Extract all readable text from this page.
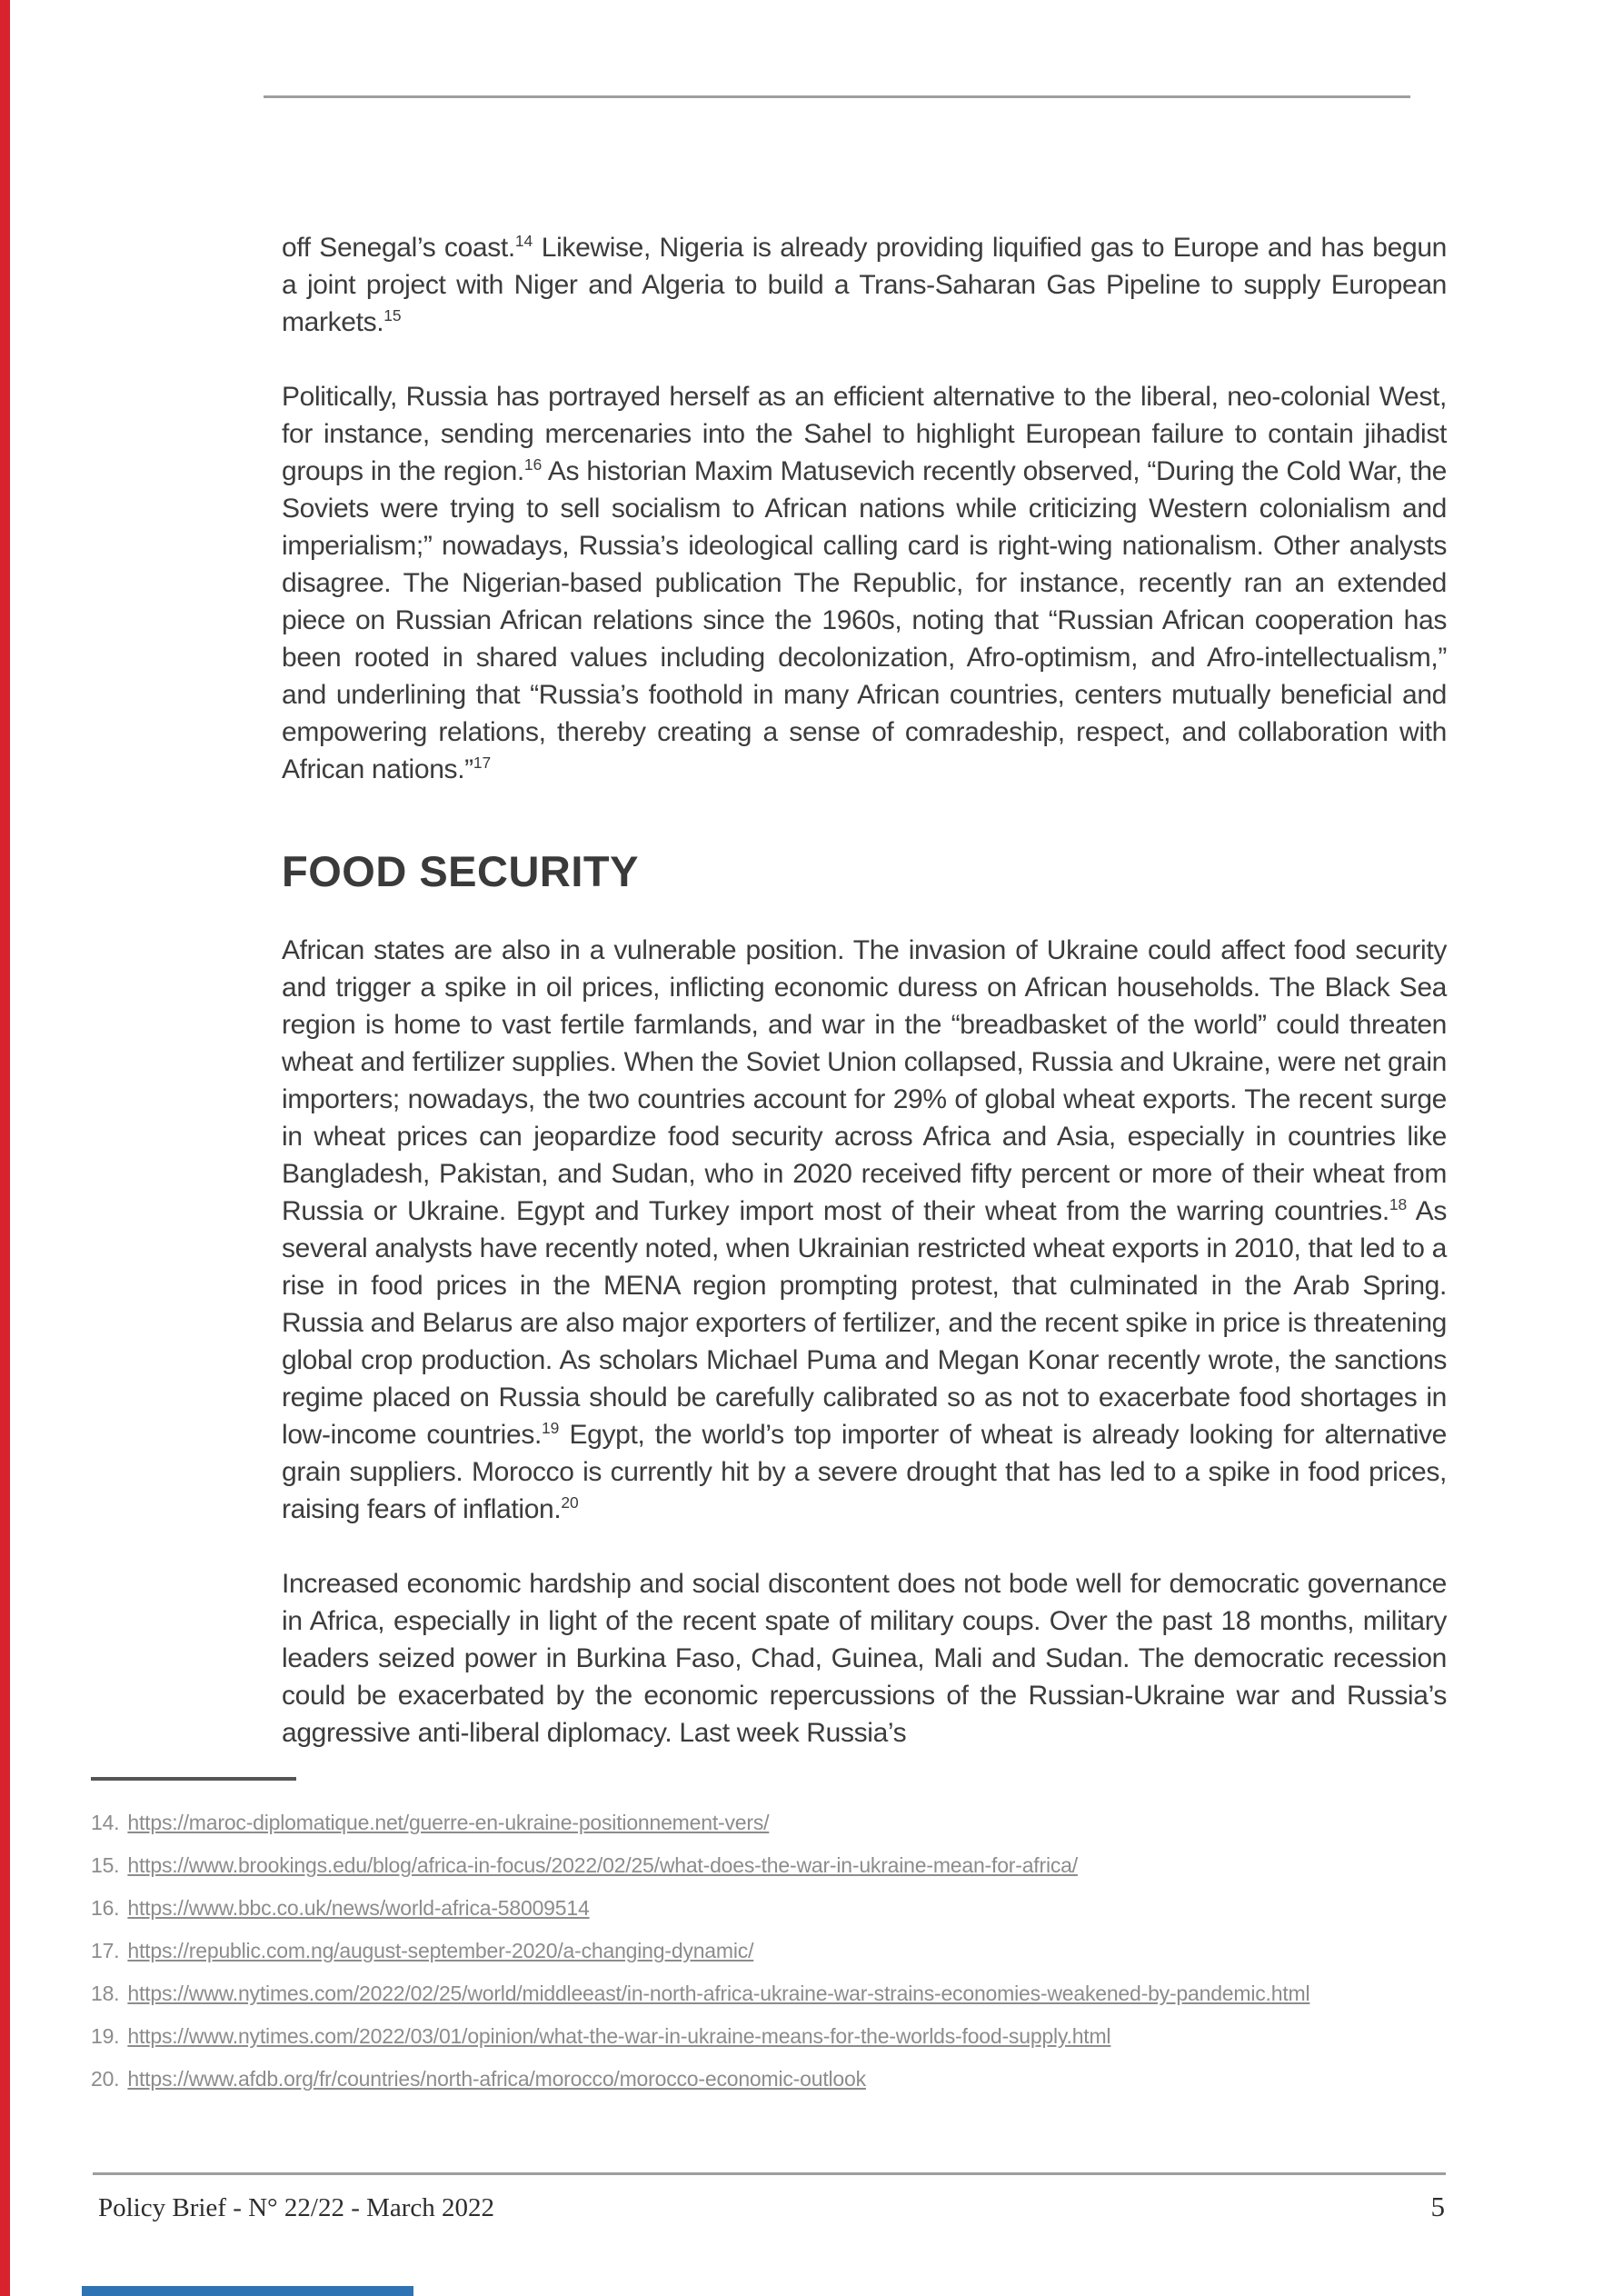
off Senegal’s coast.$^{14}$ Likewise, Nigeria is already providing liquified gas to Europe and has begun a joint project with Niger and Algeria to build a Trans-Saharan Gas Pipeline to supply European markets.$^{15}$

Politically, Russia has portrayed herself as an efficient alternative to the liberal, neo-colonial West, for instance, sending mercenaries into the Sahel to highlight European failure to contain jihadist groups in the region.$^{16}$ As historian Maxim Matusevich recently observed, “During the Cold War, the Soviets were trying to sell socialism to African nations while criticizing Western colonialism and imperialism;” nowadays, Russia’s ideological calling card is right-wing nationalism. Other analysts disagree. The Nigerian-based publication The Republic, for instance, recently ran an extended piece on Russian African relations since the 1960s, noting that “Russian African cooperation has been rooted in shared values including decolonization, Afro-optimism, and Afro-intellectualism,” and underlining that “Russia’s foothold in many African countries, centers mutually beneficial and empowering relations, thereby creating a sense of comradeship, respect, and collaboration with African nations.”$^{17}$

FOOD SECURITY

African states are also in a vulnerable position. The invasion of Ukraine could affect food security and trigger a spike in oil prices, inflicting economic duress on African households. The Black Sea region is home to vast fertile farmlands, and war in the “breadbasket of the world” could threaten wheat and fertilizer supplies. When the Soviet Union collapsed, Russia and Ukraine, were net grain importers; nowadays, the two countries account for 29% of global wheat exports. The recent surge in wheat prices can jeopardize food security across Africa and Asia, especially in countries like Bangladesh, Pakistan, and Sudan, who in 2020 received fifty percent or more of their wheat from Russia or Ukraine. Egypt and Turkey import most of their wheat from the warring countries.$^{18}$ As several analysts have recently noted, when Ukrainian restricted wheat exports in 2010, that led to a rise in food prices in the MENA region prompting protest, that culminated in the Arab Spring. Russia and Belarus are also major exporters of fertilizer, and the recent spike in price is threatening global crop production. As scholars Michael Puma and Megan Konar recently wrote, the sanctions regime placed on Russia should be carefully calibrated so as not to exacerbate food shortages in low-income countries.$^{19}$ Egypt, the world’s top importer of wheat is already looking for alternative grain suppliers. Morocco is currently hit by a severe drought that has led to a spike in food prices, raising fears of inflation.$^{20}$

Increased economic hardship and social discontent does not bode well for democratic governance in Africa, especially in light of the recent spate of military coups. Over the past 18 months, military leaders seized power in Burkina Faso, Chad, Guinea, Mali and Sudan. The democratic recession could be exacerbated by the economic repercussions of the Russian-Ukraine war and Russia’s aggressive anti-liberal diplomacy. Last week Russia’s

14. https://maroc-diplomatique.net/guerre-en-ukraine-positionnement-vers/
15. https://www.brookings.edu/blog/africa-in-focus/2022/02/25/what-does-the-war-in-ukraine-mean-for-africa/
16. https://www.bbc.co.uk/news/world-africa-58009514
17. https://republic.com.ng/august-september-2020/a-changing-dynamic/
18. https://www.nytimes.com/2022/02/25/world/middleeast/in-north-africa-ukraine-war-strains-economies-weakened-by-pandemic.html
19. https://www.nytimes.com/2022/03/01/opinion/what-the-war-in-ukraine-means-for-the-worlds-food-supply.html
20. https://www.afdb.org/fr/countries/north-africa/morocco/morocco-economic-outlook
Policy Brief - N° 22/22 - March 2022	5
